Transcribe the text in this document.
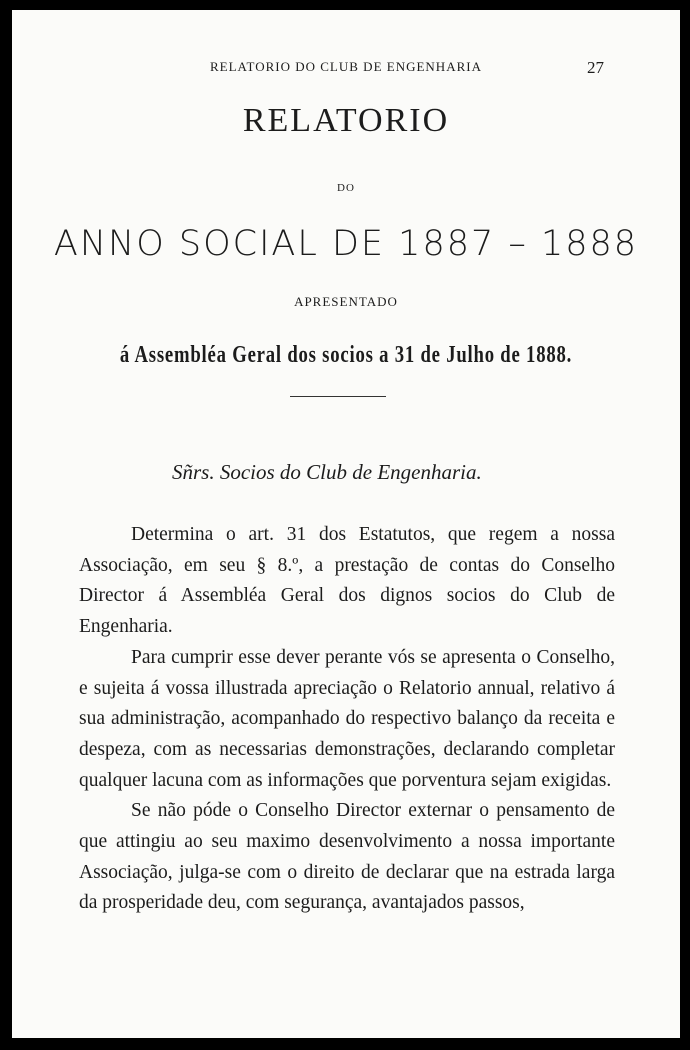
RELATORIO DO CLUB DE ENGENHARIA	27
RELATORIO
DO
ANNO SOCIAL DE 1887 – 1888
APRESENTADO
á Assembléa Geral dos socios a 31 de Julho de 1888.
Sñrs. Socios do Club de Engenharia.

Determina o art. 31 dos Estatutos, que regem a nossa Associação, em seu § 8.º, a prestação de contas do Conselho Director á Assembléa Geral dos dignos socios do Club de Engenharia.

Para cumprir esse dever perante vós se apresenta o Conselho, e sujeita á vossa illustrada apreciação o Relatorio annual, relativo á sua administração, acompanhado do respectivo balanço da receita e despeza, com as necessarias demonstrações, declarando completar qualquer lacuna com as informações que porventura sejam exigidas.

Se não póde o Conselho Director externar o pensamento de que attingiu ao seu maximo desenvolvimento a nossa importante Associação, julga-se com o direito de declarar que na estrada larga da prosperidade deu, com segurança, avantajados passos,
